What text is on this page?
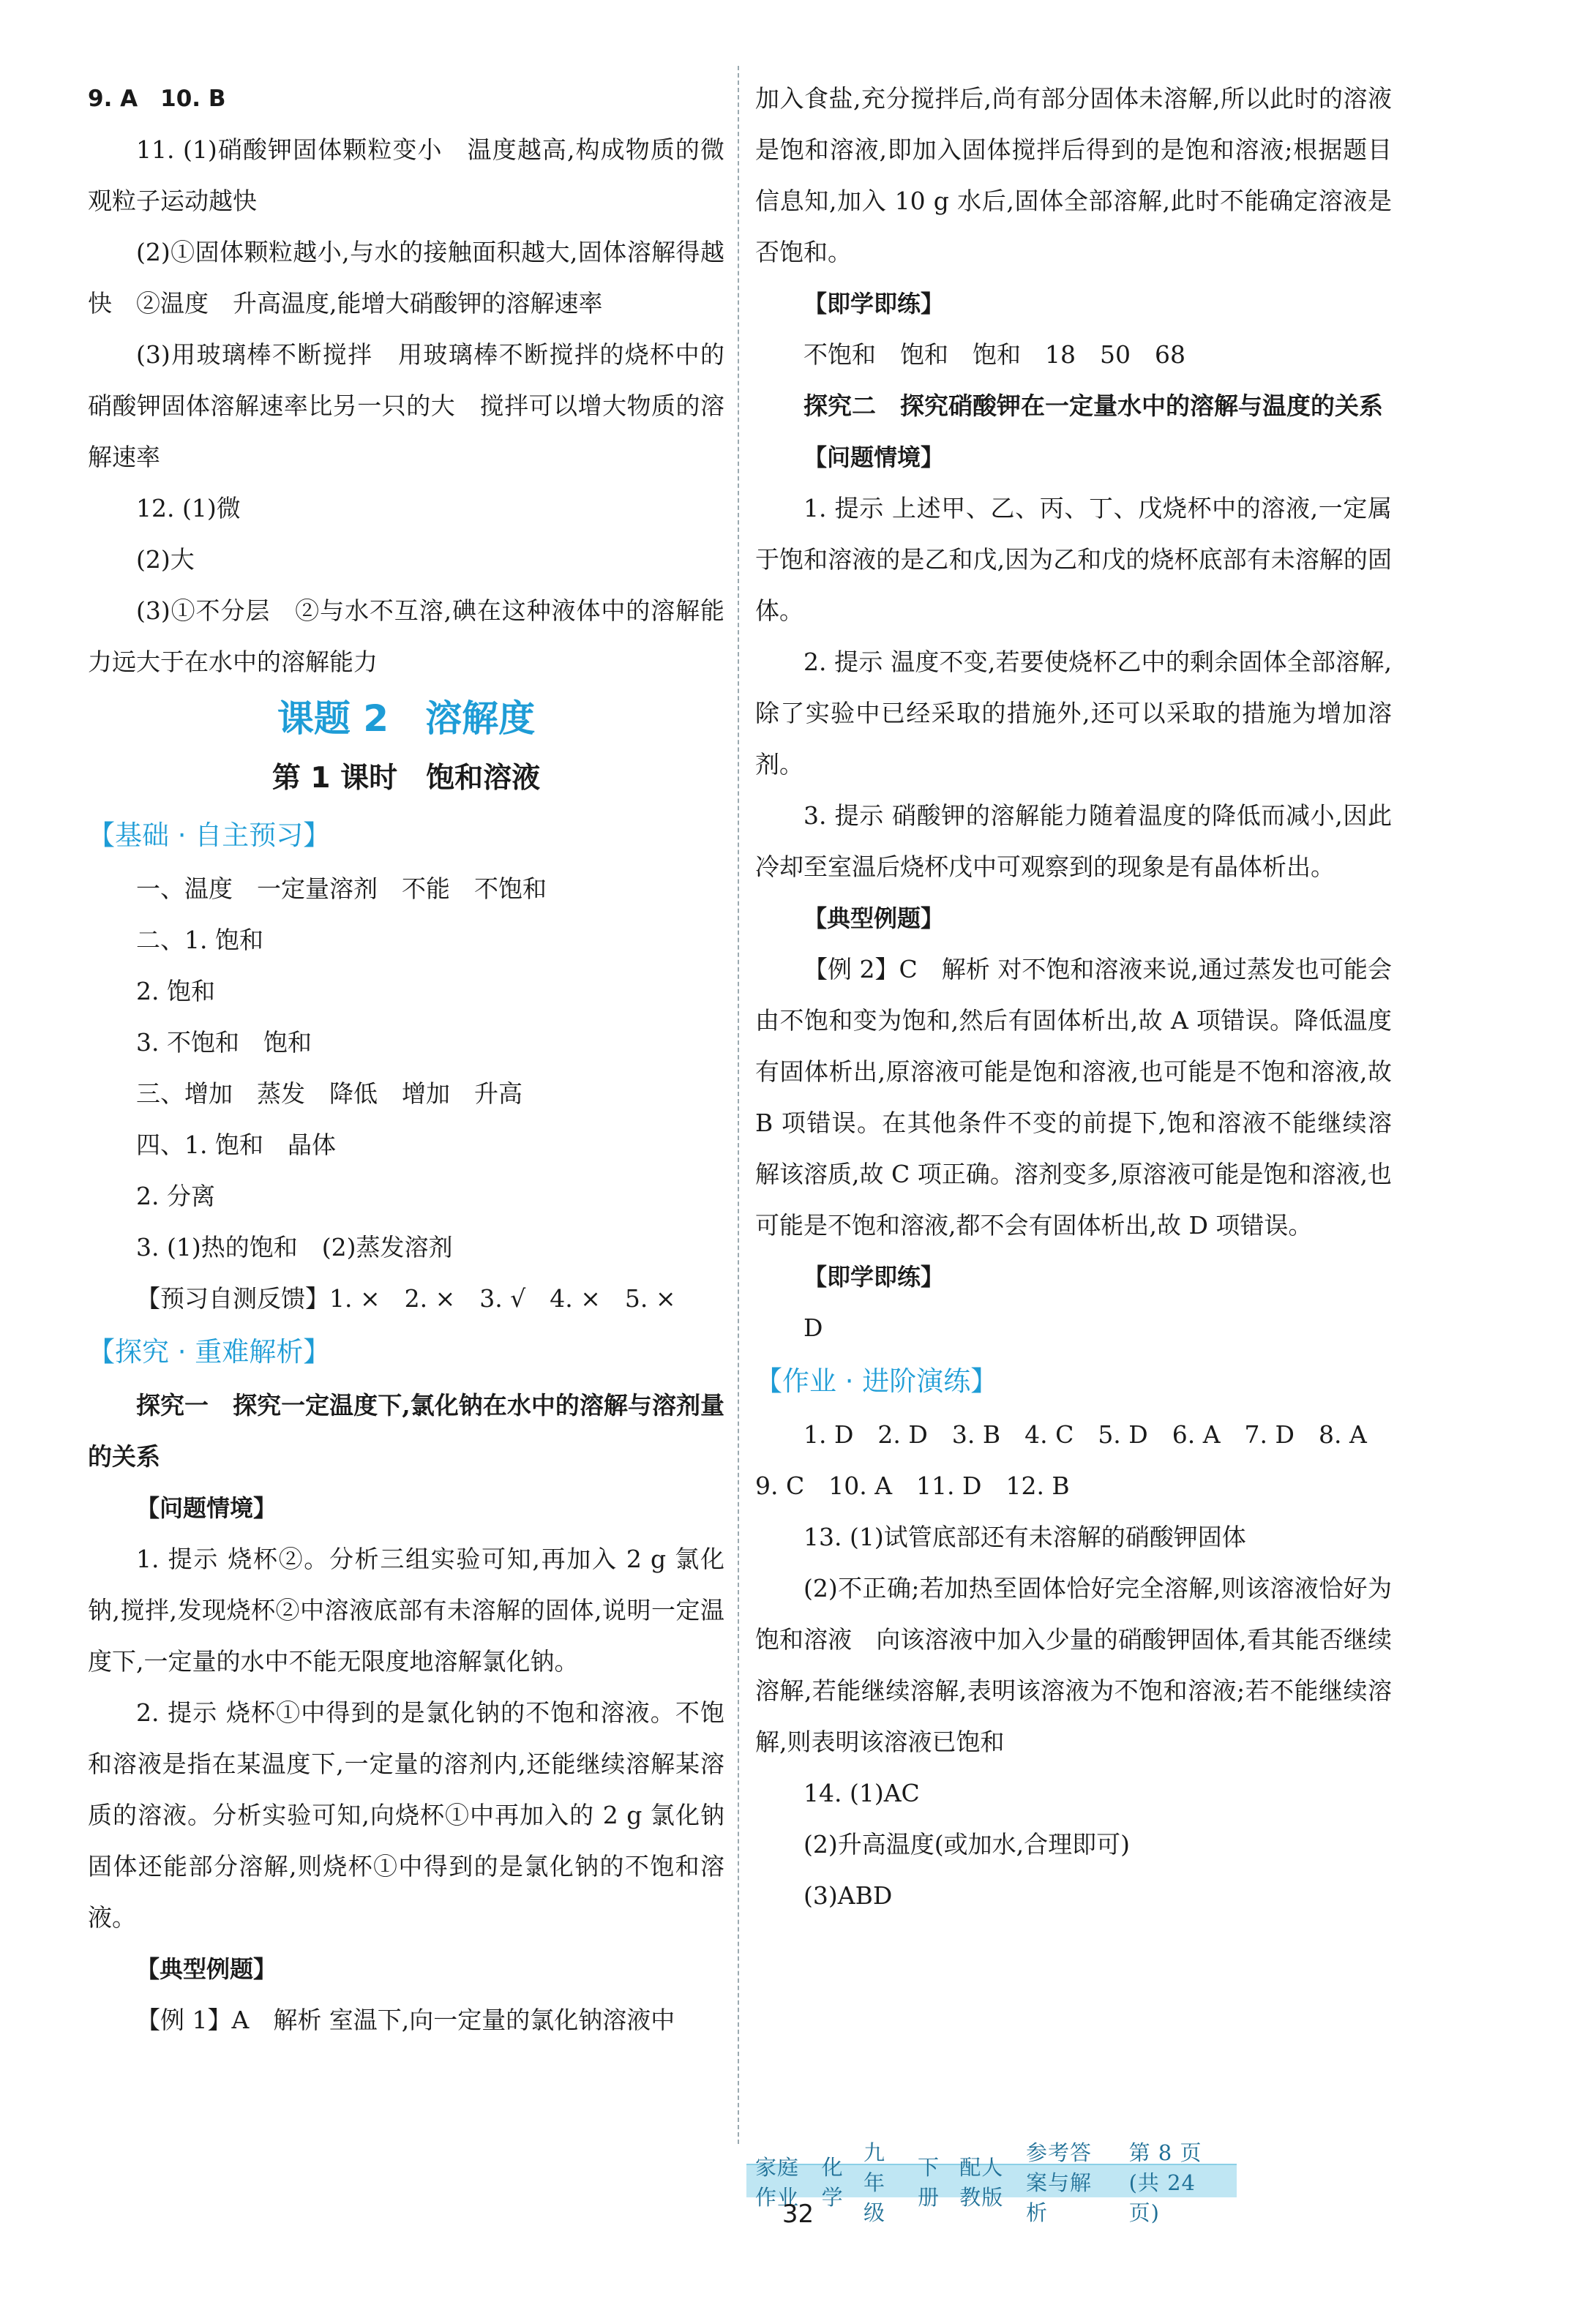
9. A　10. B

11. (1)硝酸钾固体颗粒变小　温度越高,构成物质的微观粒子运动越快

(2)①固体颗粒越小,与水的接触面积越大,固体溶解得越快　②温度　升高温度,能增大硝酸钾的溶解速率

(3)用玻璃棒不断搅拌　用玻璃棒不断搅拌的烧杯中的硝酸钾固体溶解速率比另一只的大　搅拌可以增大物质的溶解速率

12. (1)微

(2)大

(3)①不分层　②与水不互溶,碘在这种液体中的溶解能力远大于在水中的溶解能力

课题 2　溶解度
第 1 课时　饱和溶液

【基础 · 自主预习】

一、温度　一定量溶剂　不能　不饱和

二、1. 饱和

2. 饱和

3. 不饱和　饱和

三、增加　蒸发　降低　增加　升高

四、1. 饱和　晶体

2. 分离

3. (1)热的饱和　(2)蒸发溶剂

【预习自测反馈】1. ×　2. ×　3. √　4. ×　5. ×

【探究 · 重难解析】

探究一　探究一定温度下,氯化钠在水中的溶解与溶剂量的关系

【问题情境】

1. 提示 烧杯②。分析三组实验可知,再加入 2 g 氯化钠,搅拌,发现烧杯②中溶液底部有未溶解的固体,说明一定温度下,一定量的水中不能无限度地溶解氯化钠。

2. 提示 烧杯①中得到的是氯化钠的不饱和溶液。不饱和溶液是指在某温度下,一定量的溶剂内,还能继续溶解某溶质的溶液。分析实验可知,向烧杯①中再加入的 2 g 氯化钠固体还能部分溶解,则烧杯①中得到的是氯化钠的不饱和溶液。

【典型例题】

【例 1】A　解析 室温下,向一定量的氯化钠溶液中

加入食盐,充分搅拌后,尚有部分固体未溶解,所以此时的溶液是饱和溶液,即加入固体搅拌后得到的是饱和溶液;根据题目信息知,加入 10 g 水后,固体全部溶解,此时不能确定溶液是否饱和。

【即学即练】

不饱和　饱和　饱和　18　50　68

探究二　探究硝酸钾在一定量水中的溶解与温度的关系

【问题情境】

1. 提示 上述甲、乙、丙、丁、戊烧杯中的溶液,一定属于饱和溶液的是乙和戊,因为乙和戊的烧杯底部有未溶解的固体。

2. 提示 温度不变,若要使烧杯乙中的剩余固体全部溶解,除了实验中已经采取的措施外,还可以采取的措施为增加溶剂。

3. 提示 硝酸钾的溶解能力随着温度的降低而减小,因此冷却至室温后烧杯戊中可观察到的现象是有晶体析出。

【典型例题】

【例 2】C　解析 对不饱和溶液来说,通过蒸发也可能会由不饱和变为饱和,然后有固体析出,故 A 项错误。降低温度有固体析出,原溶液可能是饱和溶液,也可能是不饱和溶液,故 B 项错误。在其他条件不变的前提下,饱和溶液不能继续溶解该溶质,故 C 项正确。溶剂变多,原溶液可能是饱和溶液,也可能是不饱和溶液,都不会有固体析出,故 D 项错误。

【即学即练】

D

【作业 · 进阶演练】

1. D　2. D　3. B　4. C　5. D　6. A　7. D　8. A

9. C　10. A　11. D　12. B

13. (1)试管底部还有未溶解的硝酸钾固体

(2)不正确;若加热至固体恰好完全溶解,则该溶液恰好为饱和溶液　向该溶液中加入少量的硝酸钾固体,看其能否继续溶解,若能继续溶解,表明该溶液为不饱和溶液;若不能继续溶解,则表明该溶液已饱和

14. (1)AC

(2)升高温度(或加水,合理即可)

(3)ABD

家庭作业
化学
九年级
下册
配人教版
参考答案与解析
第 8 页(共 24 页)
32
